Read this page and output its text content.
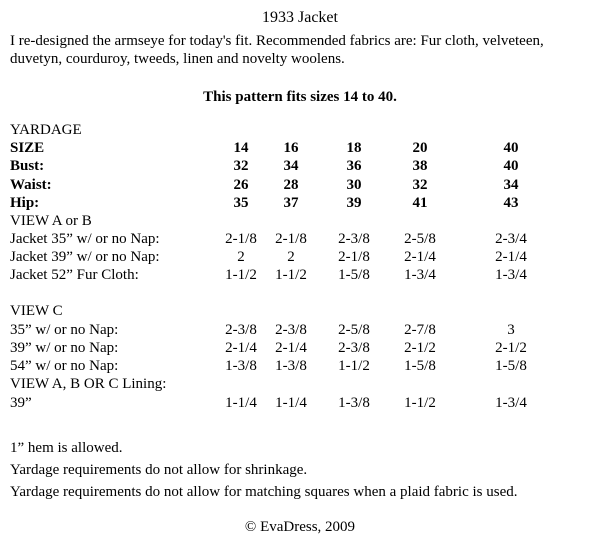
1933 Jacket
I re-designed the armseye for today's fit. Recommended fabrics are: Fur cloth, velveteen, duvetyn, courduroy, tweeds, linen and novelty woolens.
This pattern fits sizes 14 to 40.
YARDAGE
SIZE	14	16	18	20	40
Bust:	32	34	36	38	40
Waist:	26	28	30	32	34
Hip:	35	37	39	41	43
VIEW A or B
Jacket 35” w/ or no Nap:	2-1/8	2-1/8	2-3/8	2-5/8	2-3/4
Jacket 39” w/ or no Nap:	2	2	2-1/8	2-1/4	2-1/4
Jacket 52” Fur Cloth:	1-1/2	1-1/2	1-5/8	1-3/4	1-3/4
VIEW C
35” w/ or no Nap:	2-3/8	2-3/8	2-5/8	2-7/8	3
39” w/ or no Nap:	2-1/4	2-1/4	2-3/8	2-1/2	2-1/2
54” w/ or no Nap:	1-3/8	1-3/8	1-1/2	1-5/8	1-5/8
VIEW A, B OR C Lining:
39”	1-1/4	1-1/4	1-3/8	1-1/2	1-3/4
1” hem is allowed.
Yardage requirements do not allow for shrinkage.
Yardage requirements do not allow for matching squares when a plaid fabric is used.
© EvaDress, 2009
